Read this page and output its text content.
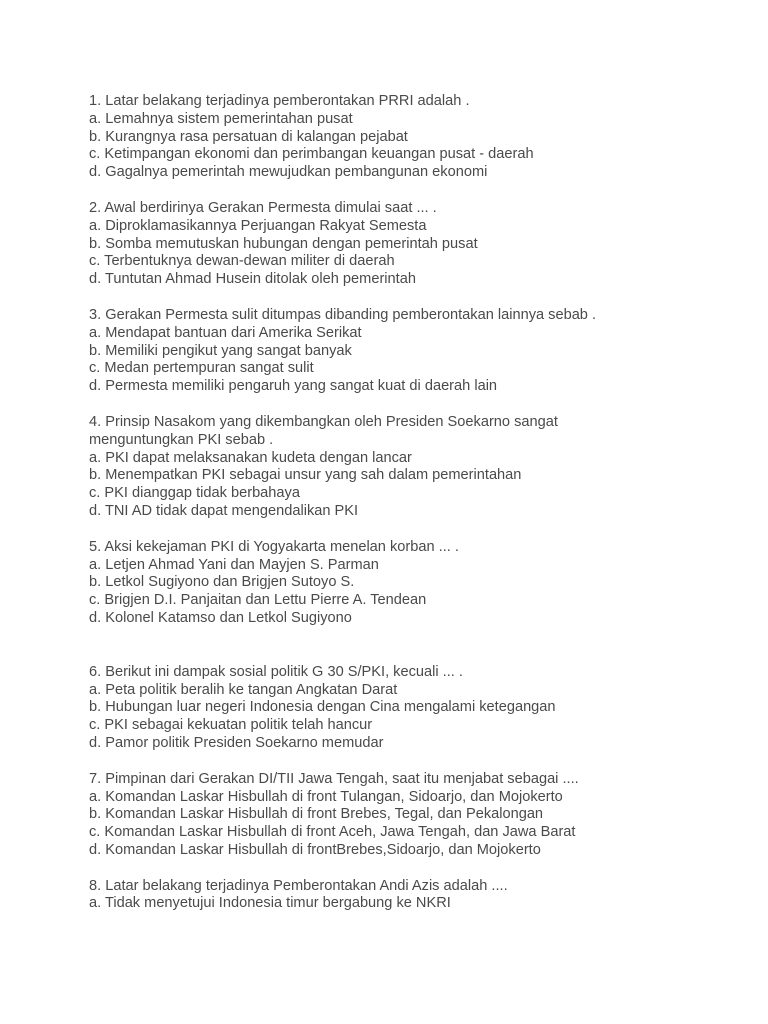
1. Latar belakang terjadinya pemberontakan PRRI adalah .

a. Lemahnya sistem pemerintahan pusat

b. Kurangnya rasa persatuan di kalangan pejabat

c. Ketimpangan ekonomi dan perimbangan keuangan pusat - daerah

d. Gagalnya pemerintah mewujudkan pembangunan ekonomi

2. Awal berdirinya Gerakan Permesta dimulai saat ... .

a. Diproklamasikannya Perjuangan Rakyat Semesta

b. Somba memutuskan hubungan dengan pemerintah pusat

c. Terbentuknya dewan-dewan militer di daerah

d. Tuntutan Ahmad Husein ditolak oleh pemerintah

3. Gerakan Permesta sulit ditumpas dibanding pemberontakan lainnya sebab .

a. Mendapat bantuan dari Amerika Serikat

b. Memiliki pengikut yang sangat banyak

c. Medan pertempuran sangat sulit

d. Permesta memiliki pengaruh yang sangat kuat di daerah lain

4. Prinsip Nasakom yang dikembangkan oleh Presiden Soekarno sangat

menguntungkan PKI sebab .

a. PKI dapat melaksanakan kudeta dengan lancar

b. Menempatkan PKI sebagai unsur yang sah dalam pemerintahan

c. PKI dianggap tidak berbahaya

d. TNI AD tidak dapat mengendalikan PKI

5. Aksi kekejaman PKI di Yogyakarta menelan korban ... .

a. Letjen Ahmad Yani dan Mayjen S. Parman

b. Letkol Sugiyono dan Brigjen Sutoyo S.

c. Brigjen D.I. Panjaitan dan Lettu Pierre A. Tendean

d. Kolonel Katamso dan Letkol Sugiyono

6. Berikut ini dampak sosial politik G 30 S/PKI, kecuali ... .

a. Peta politik beralih ke tangan Angkatan Darat

b. Hubungan luar negeri Indonesia dengan Cina mengalami ketegangan

c. PKI sebagai kekuatan politik telah hancur

d. Pamor politik Presiden Soekarno memudar

7. Pimpinan dari Gerakan DI/TII Jawa Tengah, saat itu menjabat sebagai ....

a. Komandan Laskar Hisbullah di front Tulangan, Sidoarjo, dan Mojokerto

b. Komandan Laskar Hisbullah di front Brebes, Tegal, dan Pekalongan

c. Komandan Laskar Hisbullah di front Aceh, Jawa Tengah, dan Jawa Barat

d. Komandan Laskar Hisbullah di frontBrebes,Sidoarjo, dan Mojokerto

8. Latar belakang terjadinya Pemberontakan Andi Azis adalah ....

a. Tidak menyetujui Indonesia timur bergabung ke NKRI
